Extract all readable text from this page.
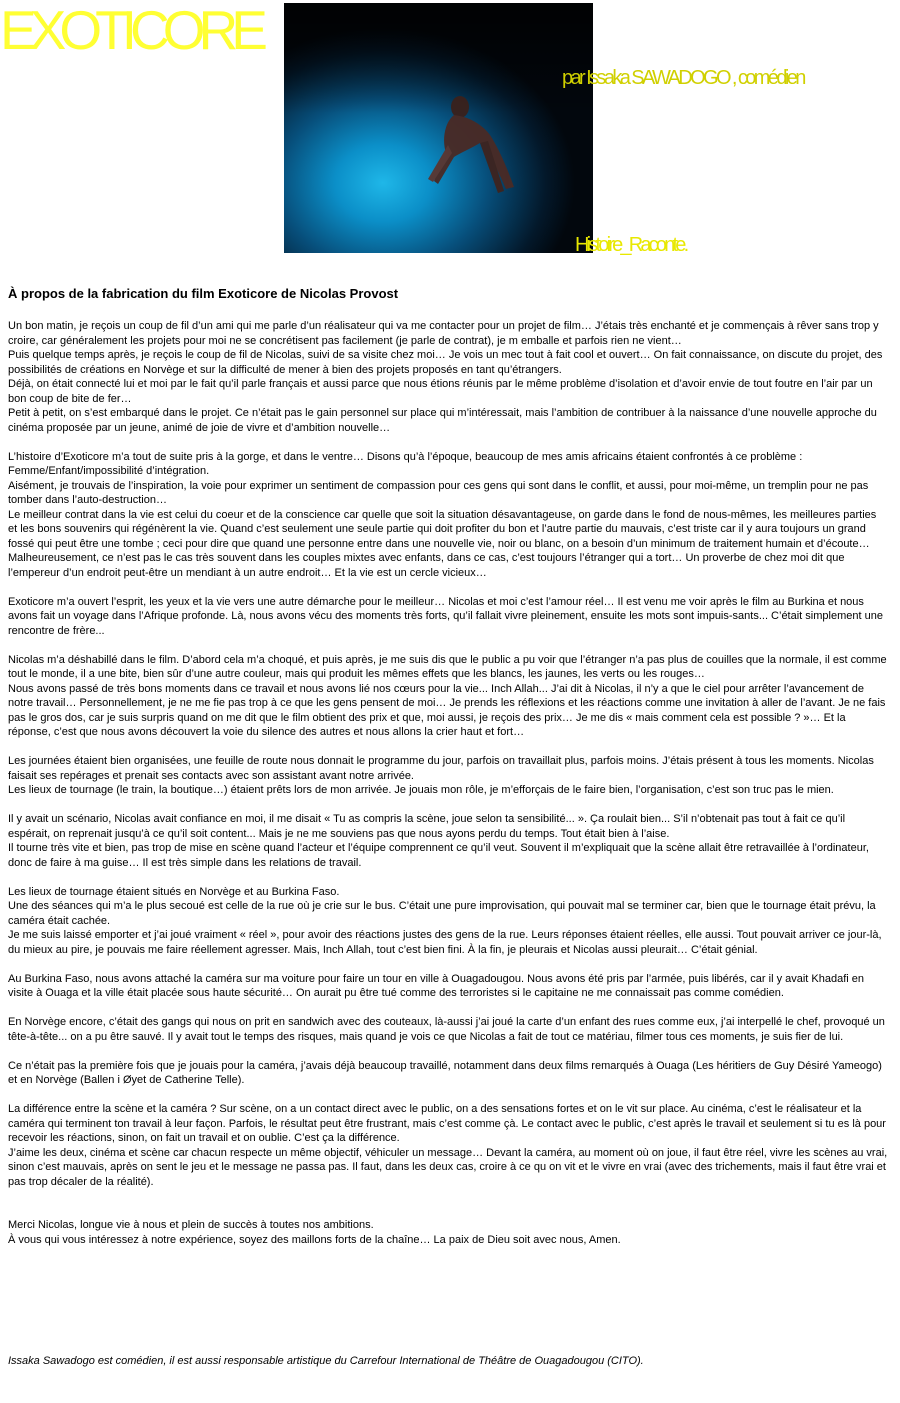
EXOTICORE
par Issaka SAWADOGO , comédien
Histoire_Raconte.
À propos de la fabrication du film Exoticore de Nicolas Provost

Un bon matin, je reçois un coup de fil d’un ami qui me parle d’un réalisateur qui va me contacter pour un projet de film… J’étais très enchanté et je commençais à rêver sans trop y croire, car généralement les projets pour moi ne se concrétisent pas facilement (je parle de contrat), je m emballe et parfois rien ne vient…
Puis quelque temps après, je reçois le coup de fil de Nicolas, suivi de sa visite chez moi… Je vois un mec tout à fait cool et ouvert… On fait connaissance, on discute du projet, des possibilités de créations en Norvège et sur la difficulté de mener à bien des projets proposés en tant qu’étrangers.
Déjà, on était connecté lui et moi par le fait qu’il parle français et aussi parce que nous étions réunis par le même problème d’isolation et d’avoir envie de tout foutre en l’air par un bon coup de bite de fer…
Petit à petit, on s’est embarqué dans le projet. Ce n’était pas le gain personnel sur place qui m’intéressait, mais l’ambition de contribuer à la naissance d’une nouvelle approche du cinéma proposée par un jeune, animé de joie de vivre et d’ambition nouvelle…

L’histoire d’Exoticore m’a tout de suite pris à la gorge, et dans le ventre… Disons qu’à l’époque, beaucoup de mes amis africains étaient confrontés à ce problème : Femme/Enfant/impossibilité d’intégration.
Aisément, je trouvais de l’inspiration, la voie pour exprimer un sentiment de compassion pour ces gens qui sont dans le conflit, et aussi, pour moi-même, un tremplin pour ne pas tomber dans l’auto-destruction…
Le meilleur contrat dans la vie est celui du coeur et de la conscience car quelle que soit la situation désavantageuse, on garde dans le fond de nous-mêmes, les meilleures parties et les bons souvenirs qui régénèrent la vie. Quand c’est seulement une seule partie qui doit profiter du bon et l’autre partie du mauvais, c’est triste car il y aura toujours un grand fossé qui peut être une tombe ; ceci pour dire que quand une personne entre dans une nouvelle vie, noir ou blanc, on a besoin d’un minimum de traitement humain et d’écoute… Malheureusement, ce n’est pas le cas très souvent dans les couples mixtes avec enfants, dans ce cas, c’est toujours l’étranger qui a tort… Un proverbe de chez moi dit que l’empereur d’un endroit peut-être un mendiant à un autre endroit… Et la vie est un cercle vicieux…

Exoticore m’a ouvert l’esprit, les yeux et la vie vers une autre démarche pour le meilleur… Nicolas et moi c’est l’amour réel… Il est venu me voir après le film au Burkina et nous avons fait un voyage dans l’Afrique profonde. Là, nous avons vécu des moments très forts, qu’il fallait vivre pleinement, ensuite les mots sont impuis-sants... C’était simplement une rencontre de frère...

Nicolas m’a déshabillé dans le film. D’abord cela m’a choqué, et puis après, je me suis dis que le public a pu voir que l’étranger n’a pas plus de couilles que la normale, il est comme tout le monde, il a une bite, bien sûr d’une autre couleur, mais qui produit les mêmes effets que les blancs, les jaunes, les verts ou les rouges…
Nous avons passé de très bons moments dans ce travail et nous avons lié nos cœurs pour la vie... Inch Allah... J’ai dit à Nicolas, il n’y a que le ciel pour arrêter l’avancement de notre travail… Personnellement, je ne me fie pas trop à ce que les gens pensent de moi… Je prends les réflexions et les réactions comme une invitation à aller de l’avant. Je ne fais pas le gros dos, car je suis surpris quand on me dit que le film obtient des prix et que, moi aussi, je reçois des prix… Je me dis « mais comment cela est possible ? »… Et la réponse, c’est que nous avons découvert la voie du silence des autres et nous allons la crier haut et fort…

Les journées étaient bien organisées, une feuille de route nous donnait le programme du jour, parfois on travaillait plus, parfois moins. J’étais présent à tous les moments. Nicolas faisait ses repérages et prenait ses contacts avec son assistant avant notre arrivée.
Les lieux de tournage (le train, la boutique…) étaient prêts lors de mon arrivée. Je jouais mon rôle, je m’efforçais de le faire bien, l’organisation, c’est son truc pas le mien.

Il y avait un scénario, Nicolas avait confiance en moi, il me disait « Tu as compris la scène, joue selon ta sensibilité... ». Ça roulait bien... S’il n’obtenait pas tout à fait ce qu’il espérait, on reprenait jusqu’à ce qu’il soit content... Mais je ne me souviens pas que nous ayons perdu du temps. Tout était bien à l’aise.
Il tourne très vite et bien, pas trop de mise en scène quand l’acteur et l’équipe comprennent ce qu’il veut. Souvent il m’expliquait que la scène allait être retravaillée à l’ordinateur, donc de faire à ma guise… Il est très simple dans les relations de travail.

Les lieux de tournage étaient situés en Norvège et au Burkina Faso.
Une des séances qui m’a le plus secoué est celle de la rue où je crie sur le bus. C’était une pure improvisation, qui pouvait mal se terminer car, bien que le tournage était prévu, la caméra était cachée.
Je me suis laissé emporter et j’ai joué vraiment « réel », pour avoir des réactions justes des gens de la rue. Leurs réponses étaient réelles, elle aussi. Tout pouvait arriver ce jour-là, du mieux au pire, je pouvais me faire réellement agresser. Mais, Inch Allah, tout c’est bien fini. À la fin, je pleurais et Nicolas aussi pleurait… C’était génial.

Au Burkina Faso, nous avons attaché la caméra sur ma voiture pour faire un tour en ville à Ouagadougou. Nous avons été pris par l’armée, puis libérés, car il y avait Khadafi en visite à Ouaga et la ville était placée sous haute sécurité… On aurait pu être tué comme des terroristes si le capitaine ne me connaissait pas comme comédien.

En Norvège encore, c’était des gangs qui nous on prit en sandwich avec des couteaux, là-aussi j’ai joué la carte d’un enfant des rues comme eux, j’ai interpellé le chef, provoqué un tête-à-tête... on a pu être sauvé. Il y avait tout le temps des risques, mais quand je vois ce que Nicolas a fait de tout ce matériau, filmer tous ces moments, je suis fier de lui.

Ce n’était pas la première fois que je jouais pour la caméra, j’avais déjà beaucoup travaillé, notamment dans deux films remarqués à Ouaga (Les héritiers de Guy Désiré Yameogo) et en Norvège (Ballen i Øyet de Catherine Telle).

La différence entre la scène et la caméra ? Sur scène, on a un contact direct avec le public, on a des sensations fortes et on le vit sur place. Au cinéma, c’est le réalisateur et la caméra qui terminent ton travail à leur façon. Parfois, le résultat peut être frustrant, mais c’est comme çà. Le contact avec le public, c’est après le travail et seulement si tu es là pour recevoir les réactions, sinon, on fait un travail et on oublie. C’est ça la différence.
J’aime les deux, cinéma et scène car chacun respecte un même objectif, véhiculer un message… Devant la caméra, au moment où on joue, il faut être réel, vivre les scènes au vrai, sinon c’est mauvais, après on sent le jeu et le message ne passa pas. Il faut, dans les deux cas, croire à ce qu on vit et le vivre en vrai (avec des trichements, mais il faut être vrai et pas trop décaler de la réalité).

Merci Nicolas, longue vie à nous et plein de succès à toutes nos ambitions.
À vous qui vous intéressez à notre expérience, soyez des maillons forts de la chaîne… La paix de Dieu soit avec nous, Amen.

Issaka Sawadogo est comédien, il est aussi responsable artistique du Carrefour International de Théâtre de Ouagadougou (CITO).
